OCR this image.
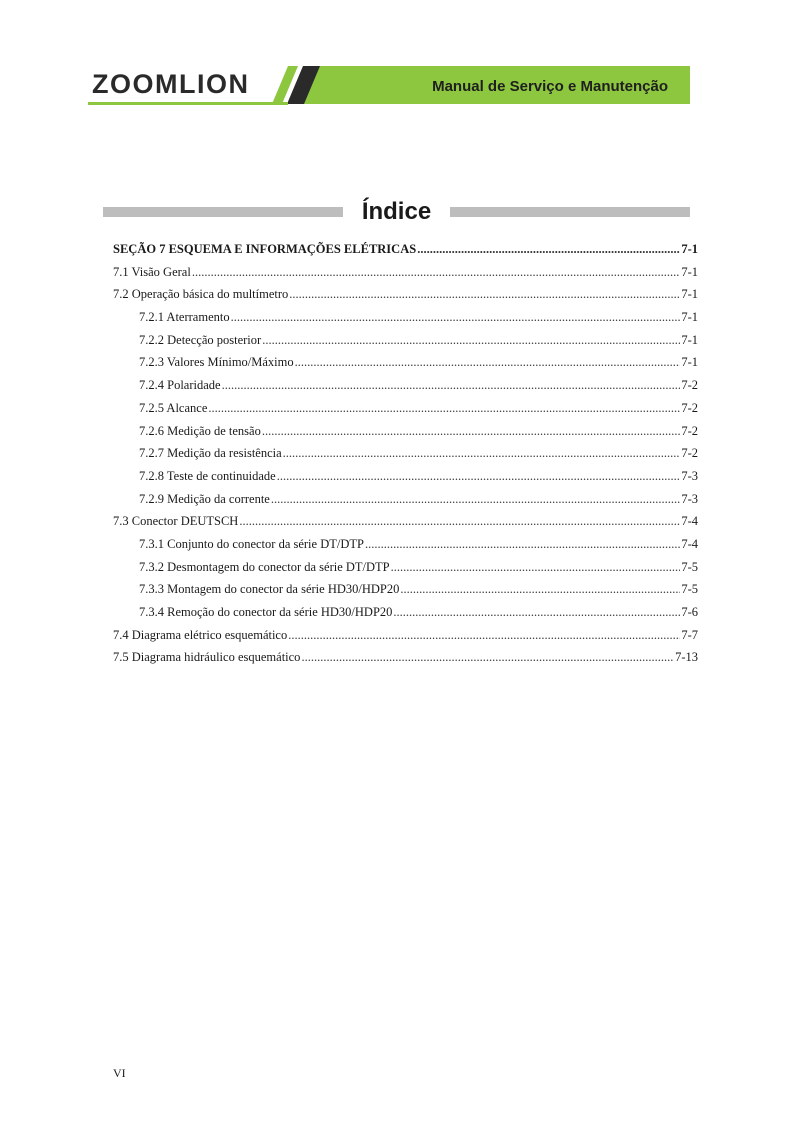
ZOOMLION	Manual de Serviço e Manutenção
Índice
SEÇÃO 7 ESQUEMA E INFORMAÇÕES ELÉTRICAS .....	7-1
7.1 Visão Geral .....	7-1
7.2 Operação básica do multímetro .....	7-1
7.2.1 Aterramento .....	7-1
7.2.2 Detecção posterior .....	7-1
7.2.3 Valores Mínimo/Máximo .....	7-1
7.2.4 Polaridade .....	7-2
7.2.5 Alcance .....	7-2
7.2.6 Medição de tensão .....	7-2
7.2.7 Medição da resistência .....	7-2
7.2.8 Teste de continuidade .....	7-3
7.2.9 Medição da corrente .....	7-3
7.3 Conector DEUTSCH .....	7-4
7.3.1 Conjunto do conector da série DT/DTP .....	7-4
7.3.2 Desmontagem do conector da série DT/DTP .....	7-5
7.3.3 Montagem do conector da série HD30/HDP20 .....	7-5
7.3.4 Remoção do conector da série HD30/HDP20 .....	7-6
7.4 Diagrama elétrico esquemático .....	7-7
7.5 Diagrama hidráulico esquemático .....	7-13
VI
